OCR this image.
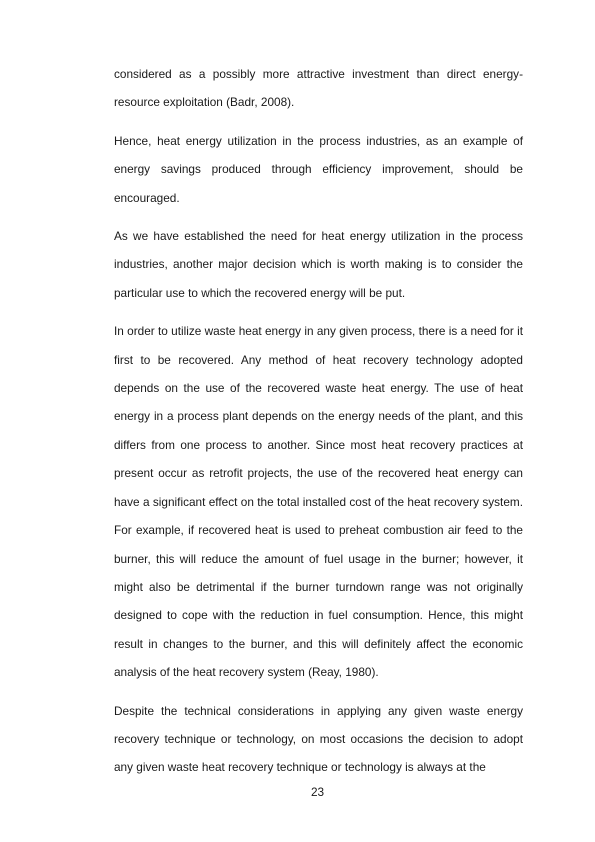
considered as a possibly more attractive investment than direct energy-resource exploitation (Badr, 2008).

Hence, heat energy utilization in the process industries, as an example of energy savings produced through efficiency improvement, should be encouraged.

As we have established the need for heat energy utilization in the process industries, another major decision which is worth making is to consider the particular use to which the recovered energy will be put.

In order to utilize waste heat energy in any given process, there is a need for it first to be recovered. Any method of heat recovery technology adopted depends on the use of the recovered waste heat energy. The use of heat energy in a process plant depends on the energy needs of the plant, and this differs from one process to another. Since most heat recovery practices at present occur as retrofit projects, the use of the recovered heat energy can have a significant effect on the total installed cost of the heat recovery system. For example, if recovered heat is used to preheat combustion air feed to the burner, this will reduce the amount of fuel usage in the burner; however, it might also be detrimental if the burner turndown range was not originally designed to cope with the reduction in fuel consumption. Hence, this might result in changes to the burner, and this will definitely affect the economic analysis of the heat recovery system (Reay, 1980).

Despite the technical considerations in applying any given waste energy recovery technique or technology, on most occasions the decision to adopt any given waste heat recovery technique or technology is always at the

23
